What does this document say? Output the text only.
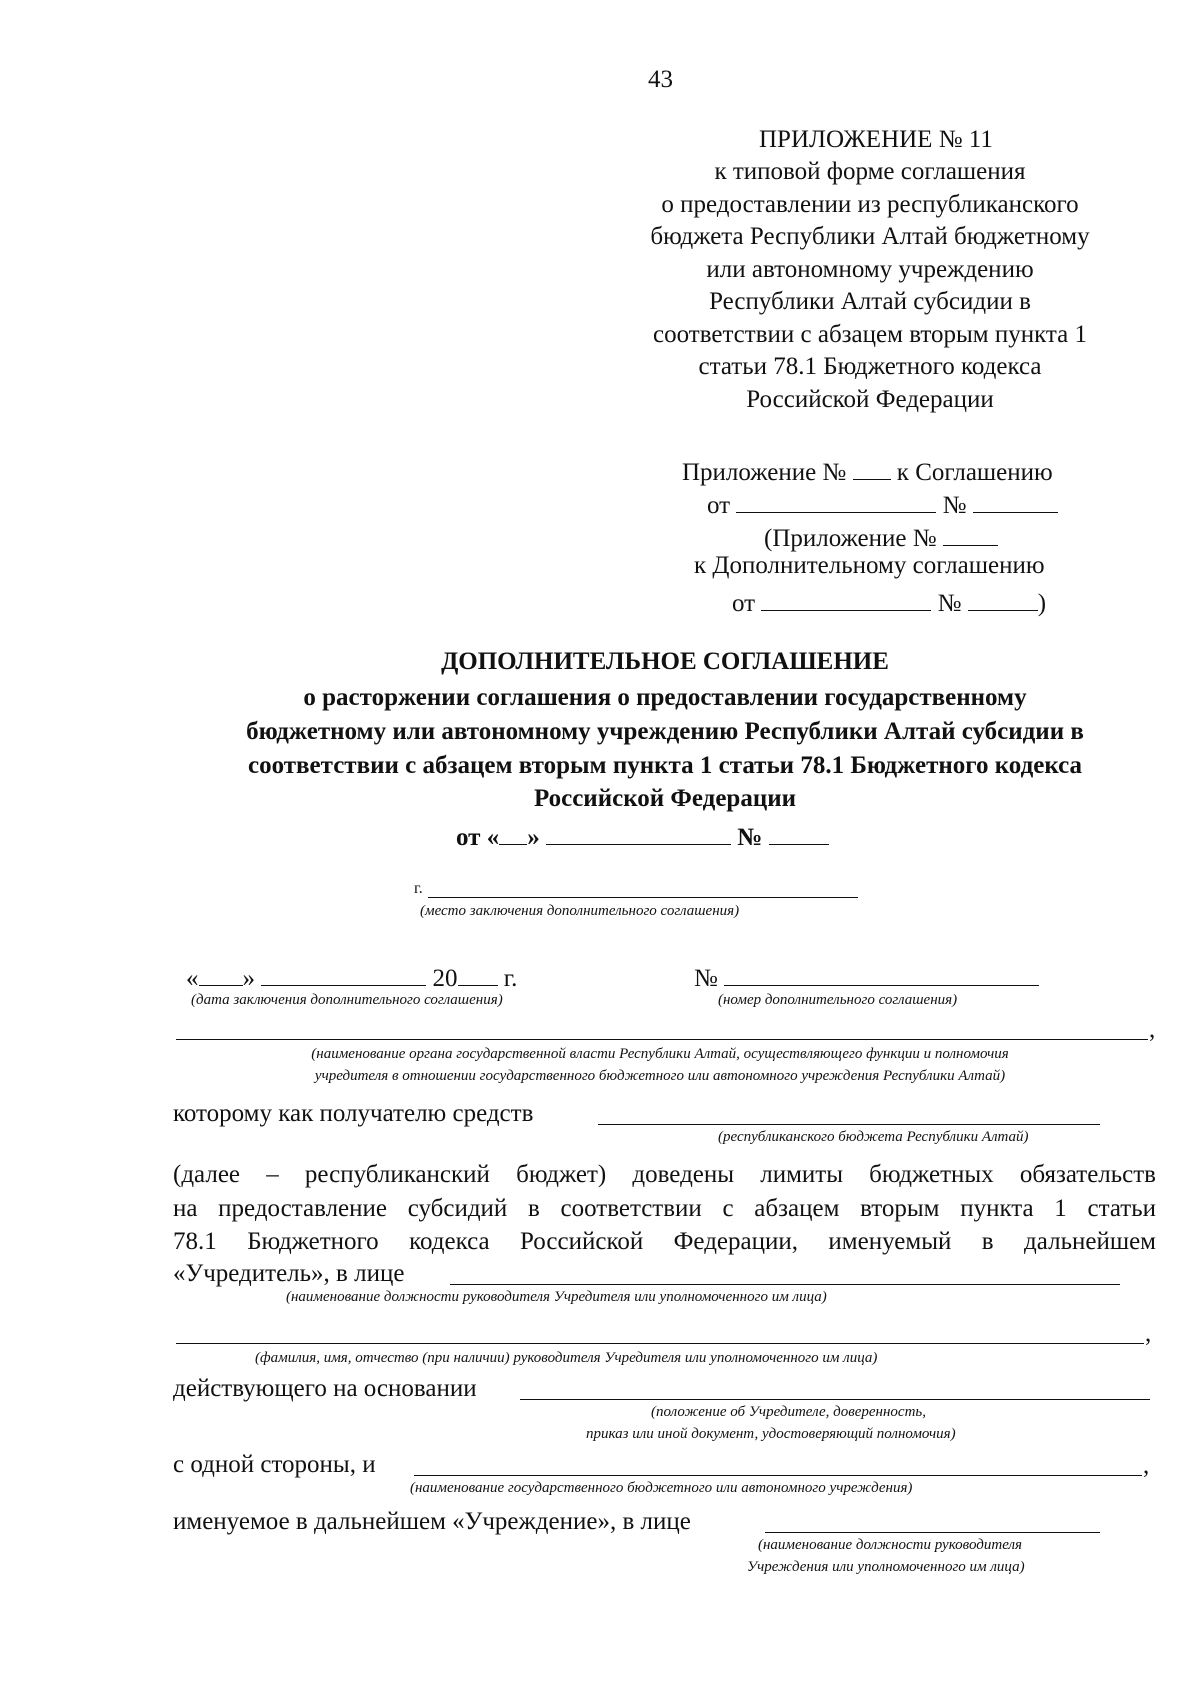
43
ПРИЛОЖЕНИЕ № 11
к типовой форме соглашения
о предоставлении из республиканского
бюджета Республики Алтай бюджетному
или автономному учреждению
Республики Алтай субсидии в
соответствии с абзацем вторым пункта 1
статьи 78.1 Бюджетного кодекса
Российской Федерации
Приложение № к Соглашению
от	№
(Приложение №
к Дополнительному соглашению
от	№	)
ДОПОЛНИТЕЛЬНОЕ СОГЛАШЕНИЕ
о расторжении соглашения о предоставлении государственному
бюджетному или автономному учреждению Республики Алтай субсидии в
соответствии с абзацем вторым пункта 1 статьи 78.1 Бюджетного кодекса
Российской Федерации
от « »	№
г.
(место заключения дополнительного соглашения)
« »	20 г.	№
(дата заключения дополнительного соглашения)	(номер дополнительного соглашения)
,
(наименование органа государственной власти Республики Алтай, осуществляющего функции и полномочия
учредителя в отношении государственного бюджетного или автономного учреждения Республики Алтай)
которому как получателю средств
(республиканского бюджета Республики Алтай)
(далее – республиканский бюджет) доведены лимиты бюджетных обязательств
на предоставление субсидий в соответствии с абзацем вторым пункта 1 статьи
78.1 Бюджетного кодекса Российской Федерации, именуемый в дальнейшем
«Учредитель», в лице
(наименование должности руководителя Учредителя или уполномоченного им лица)
,
(фамилия, имя, отчество (при наличии) руководителя Учредителя или уполномоченного им лица)
действующего на основании
(положение об Учредителе, доверенность,
приказ или иной документ, удостоверяющий полномочия)
с одной стороны, и	,
(наименование государственного бюджетного или автономного учреждения)
именуемое в дальнейшем «Учреждение», в лице
(наименование должности руководителя
Учреждения или уполномоченного им лица)
